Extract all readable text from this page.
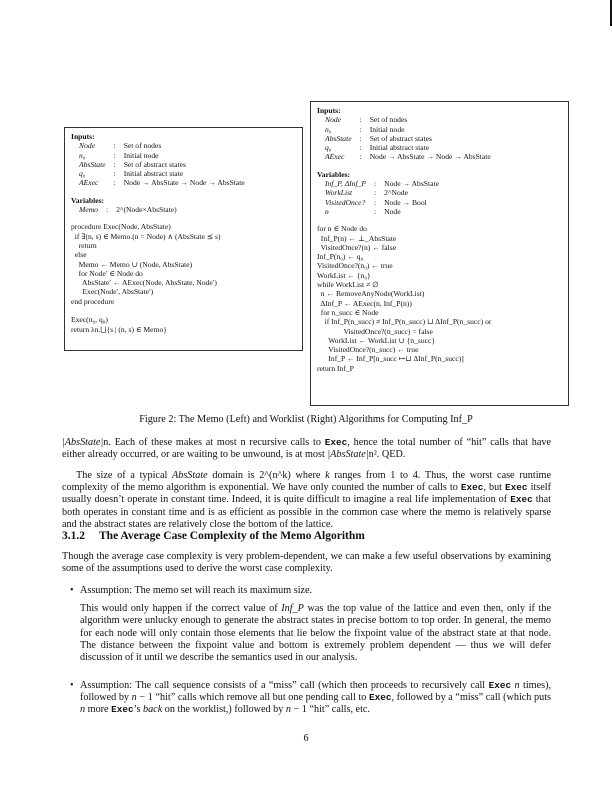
Inputs:
Node	:	Set of nodes
n₀	:	Initial node
AbsState	:	Set of abstract states
q₀	:	Initial abstract state
AExec	:	Node → AbsState → Node → AbsState
Variables:
Memo	:	2^(Node×AbsState)
procedure Exec(Node, AbsState)
if ∃(n, s) ∈ Memo.(n = Node) ∧ (AbsState ⪯ s)
return
else
Memo ← Memo ∪ (Node, AbsState)
for Node′ ∈ Node do
AbsState′ ← AExec(Node, AbsState, Node′)
Exec(Node′, AbsState′)
end procedure

Exec(n₀, q₀)
return λn.⨆{s | (n, s) ∈ Memo}
Inputs:
Node	:	Set of nodes
n₀	:	Initial node
AbsState	:	Set of abstract states
q₀	:	Initial abstract state
AExec	:	Node → AbsState → Node → AbsState
Variables:
Inf_P, ΔInf_P	:	Node → AbsState
WorkList	:	2^Node
VisitedOnce?	:	Node → Bool
n	:	Node
for n ∈ Node do
Inf_P(n) ← ⊥_AbsState
VisitedOnce?(n) ← false
Inf_P(n₀) ← q₀
VisitedOnce?(n₀) ← true
WorkList ← {n₀}
while WorkList ≠ ∅
n ← RemoveAnyNode(WorkList)
ΔInf_P ← AExec(n, Inf_P(n))
for n_succ ∈ Node
if Inf_P(n_succ) ≠ Inf_P(n_succ) ⊔ ΔInf_P(n_succ) or
VisitedOnce?(n_succ) = false
WorkList ← WorkList ∪ {n_succ}
VisitedOnce?(n_succ) ← true
Inf_P ← Inf_P[n_succ ↦⊔ ΔInf_P(n_succ)]
return Inf_P
Figure 2: The Memo (Left) and Worklist (Right) Algorithms for Computing Inf_P
|AbsState|n. Each of these makes at most n recursive calls to Exec, hence the total number of “hit” calls that have either already occurred, or are waiting to be unwound, is at most |AbsState|n². QED.
The size of a typical AbsState domain is 2^(n^k) where k ranges from 1 to 4. Thus, the worst case runtime complexity of the memo algorithm is exponential. We have only counted the number of calls to Exec, but Exec itself usually doesn’t operate in constant time. Indeed, it is quite difficult to imagine a real life implementation of Exec that both operates in constant time and is as efficient as possible in the common case where the memo is relatively sparse and the abstract states are relatively close the bottom of the lattice.
3.1.2 The Average Case Complexity of the Memo Algorithm
Though the average case complexity is very problem-dependent, we can make a few useful observations by examining some of the assumptions used to derive the worst case complexity.
• Assumption: The memo set will reach its maximum size.
This would only happen if the correct value of Inf_P was the top value of the lattice and even then, only if the algorithm were unlucky enough to generate the abstract states in precise bottom to top order. In general, the memo for each node will only contain those elements that lie below the fixpoint value of the abstract state at that node. The distance between the fixpoint value and bottom is extremely problem dependent — thus we will defer discussion of it until we describe the semantics used in our analysis.
• Assumption: The call sequence consists of a “miss” call (which then proceeds to recursively call Exec n times), followed by n − 1 “hit” calls which remove all but one pending call to Exec, followed by a “miss” call (which puts n more Exec’s back on the worklist,) followed by n − 1 “hit” calls, etc.
6
